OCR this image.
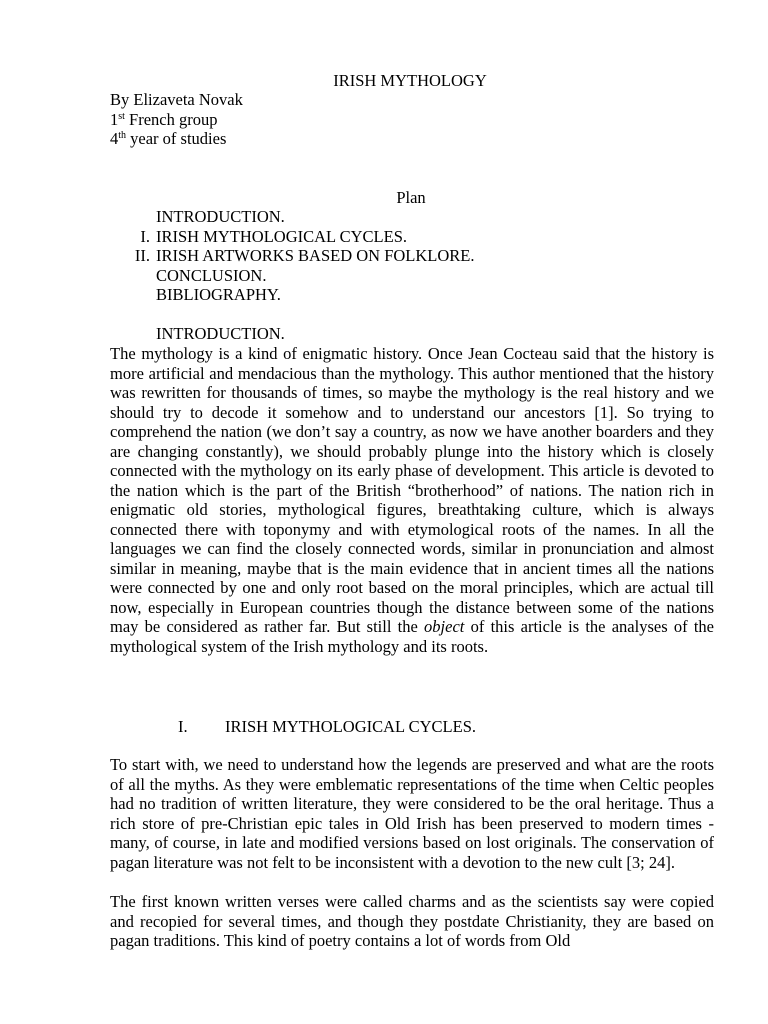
IRISH MYTHOLOGY
By Elizaveta Novak
1st French group
4th year of studies
Plan
INTRODUCTION.
I. IRISH MYTHOLOGICAL CYCLES.
II. IRISH ARTWORKS BASED ON FOLKLORE.
CONCLUSION.
BIBLIOGRAPHY.
INTRODUCTION.

The mythology is a kind of enigmatic history. Once Jean Cocteau said that the history is more artificial and mendacious than the mythology. This author mentioned that the history was rewritten for thousands of times, so maybe the mythology is the real history and we should try to decode it somehow and to understand our ancestors [1]. So trying to comprehend the nation (we don’t say a country, as now we have another boarders and they are changing constantly), we should probably plunge into the history which is closely connected with the mythology on its early phase of development. This article is devoted to the nation which is the part of the British “brotherhood” of nations. The nation rich in enigmatic old stories, mythological figures, breathtaking culture, which is always connected there with toponymy and with etymological roots of the names. In all the languages we can find the closely connected words, similar in pronunciation and almost similar in meaning, maybe that is the main evidence that in ancient times all the nations were connected by one and only root based on the moral principles, which are actual till now, especially in European countries though the distance between some of the nations may be considered as rather far. But still the object of this article is the analyses of the mythological system of the Irish mythology and its roots.

I. IRISH MYTHOLOGICAL CYCLES.

To start with, we need to understand how the legends are preserved and what are the roots of all the myths. As they were emblematic representations of the time when Celtic peoples had no tradition of written literature, they were considered to be the oral heritage. Thus a rich store of pre-Christian epic tales in Old Irish has been preserved to modern times - many, of course, in late and modified versions based on lost originals. The conservation of pagan literature was not felt to be inconsistent with a devotion to the new cult [3; 24].

The first known written verses were called charms and as the scientists say were copied and recopied for several times, and though they postdate Christianity, they are based on pagan traditions. This kind of poetry contains a lot of words from Old
